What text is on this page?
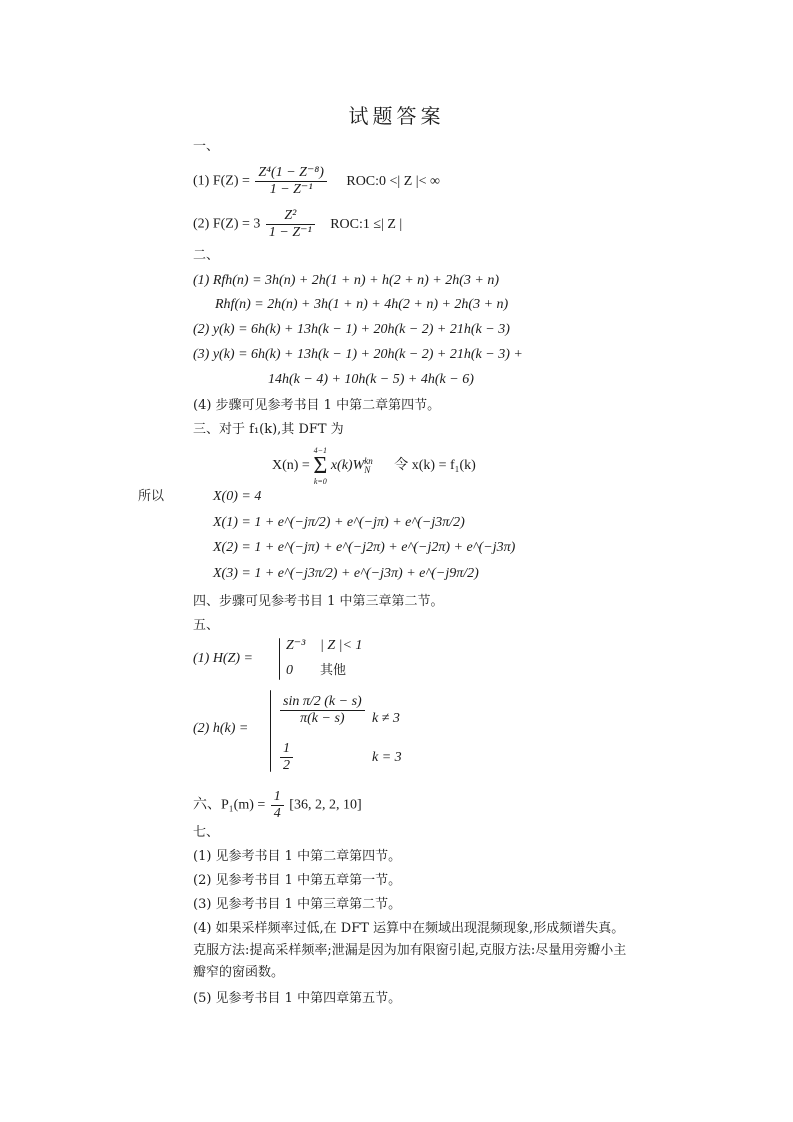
试题答案
一、
(1) $F(Z) = \frac{\text{Z⁴(1 − Z⁻⁸)}}{\text{1 − Z⁻¹}}$ ROC:0 <| Z |< ∞
(2) $F(Z) = 3 \frac{\text{Z²}}{\text{1 − Z⁻¹}}$ ROC:1 ≤| Z |
二、
(1) Rfh(n) = 3h(n) + 2h(1 + n) + h(2 + n) + 2h(3 + n)
Rhf(n) = 2h(n) + 3h(1 + n) + 4h(2 + n) + 2h(3 + n)
(2) y(k) = 6h(k) + 13h(k − 1) + 20h(k − 2) + 21h(k − 3)
(3) y(k) = 6h(k) + 13h(k − 1) + 20h(k − 2) + 21h(k − 3) +
14h(k − 4) + 10h(k − 5) + 4h(k − 6)
(4) 步骤可见参考书目 1 中第二章第四节。
三、对于 f₁(k),其 DFT 为
X(n) =
4−1
Σ
k=0
$x(k)W_N^{kn}$ 令 x(k) = f₁(k)
所以	X(0) = 4
X(1) = 1 + e^(−jπ/2) + e^(−jπ) + e^(−j3π/2)
X(2) = 1 + e^(−jπ) + e^(−j2π) + e^(−j2π) + e^(−j3π)
X(3) = 1 + e^(−j3π/2) + e^(−j3π) + e^(−j9π/2)
四、步骤可见参考书目 1 中第三章第二节。
五、
(1) H(Z) =
Z⁻³ | Z |< 1
0 其他
(2) h(k) =
$\frac{\text{sin π/2 (k − s)}}{\pi(k - s)}$ k ≠ 3
$\frac{1}{2}$	k = 3
六、$P_1(m) = \frac{1}{4} [36$, 2, 2, 10]
七、
(1) 见参考书目 1 中第二章第四节。
(2) 见参考书目 1 中第五章第一节。
(3) 见参考书目 1 中第三章第二节。
(4) 如果采样频率过低,在 DFT 运算中在频域出现混频现象,形成频谱失真。克服方法:提高采样频率;泄漏是因为加有限窗引起,克服方法:尽量用旁瓣小主瓣窄的窗函数。
(5) 见参考书目 1 中第四章第五节。
